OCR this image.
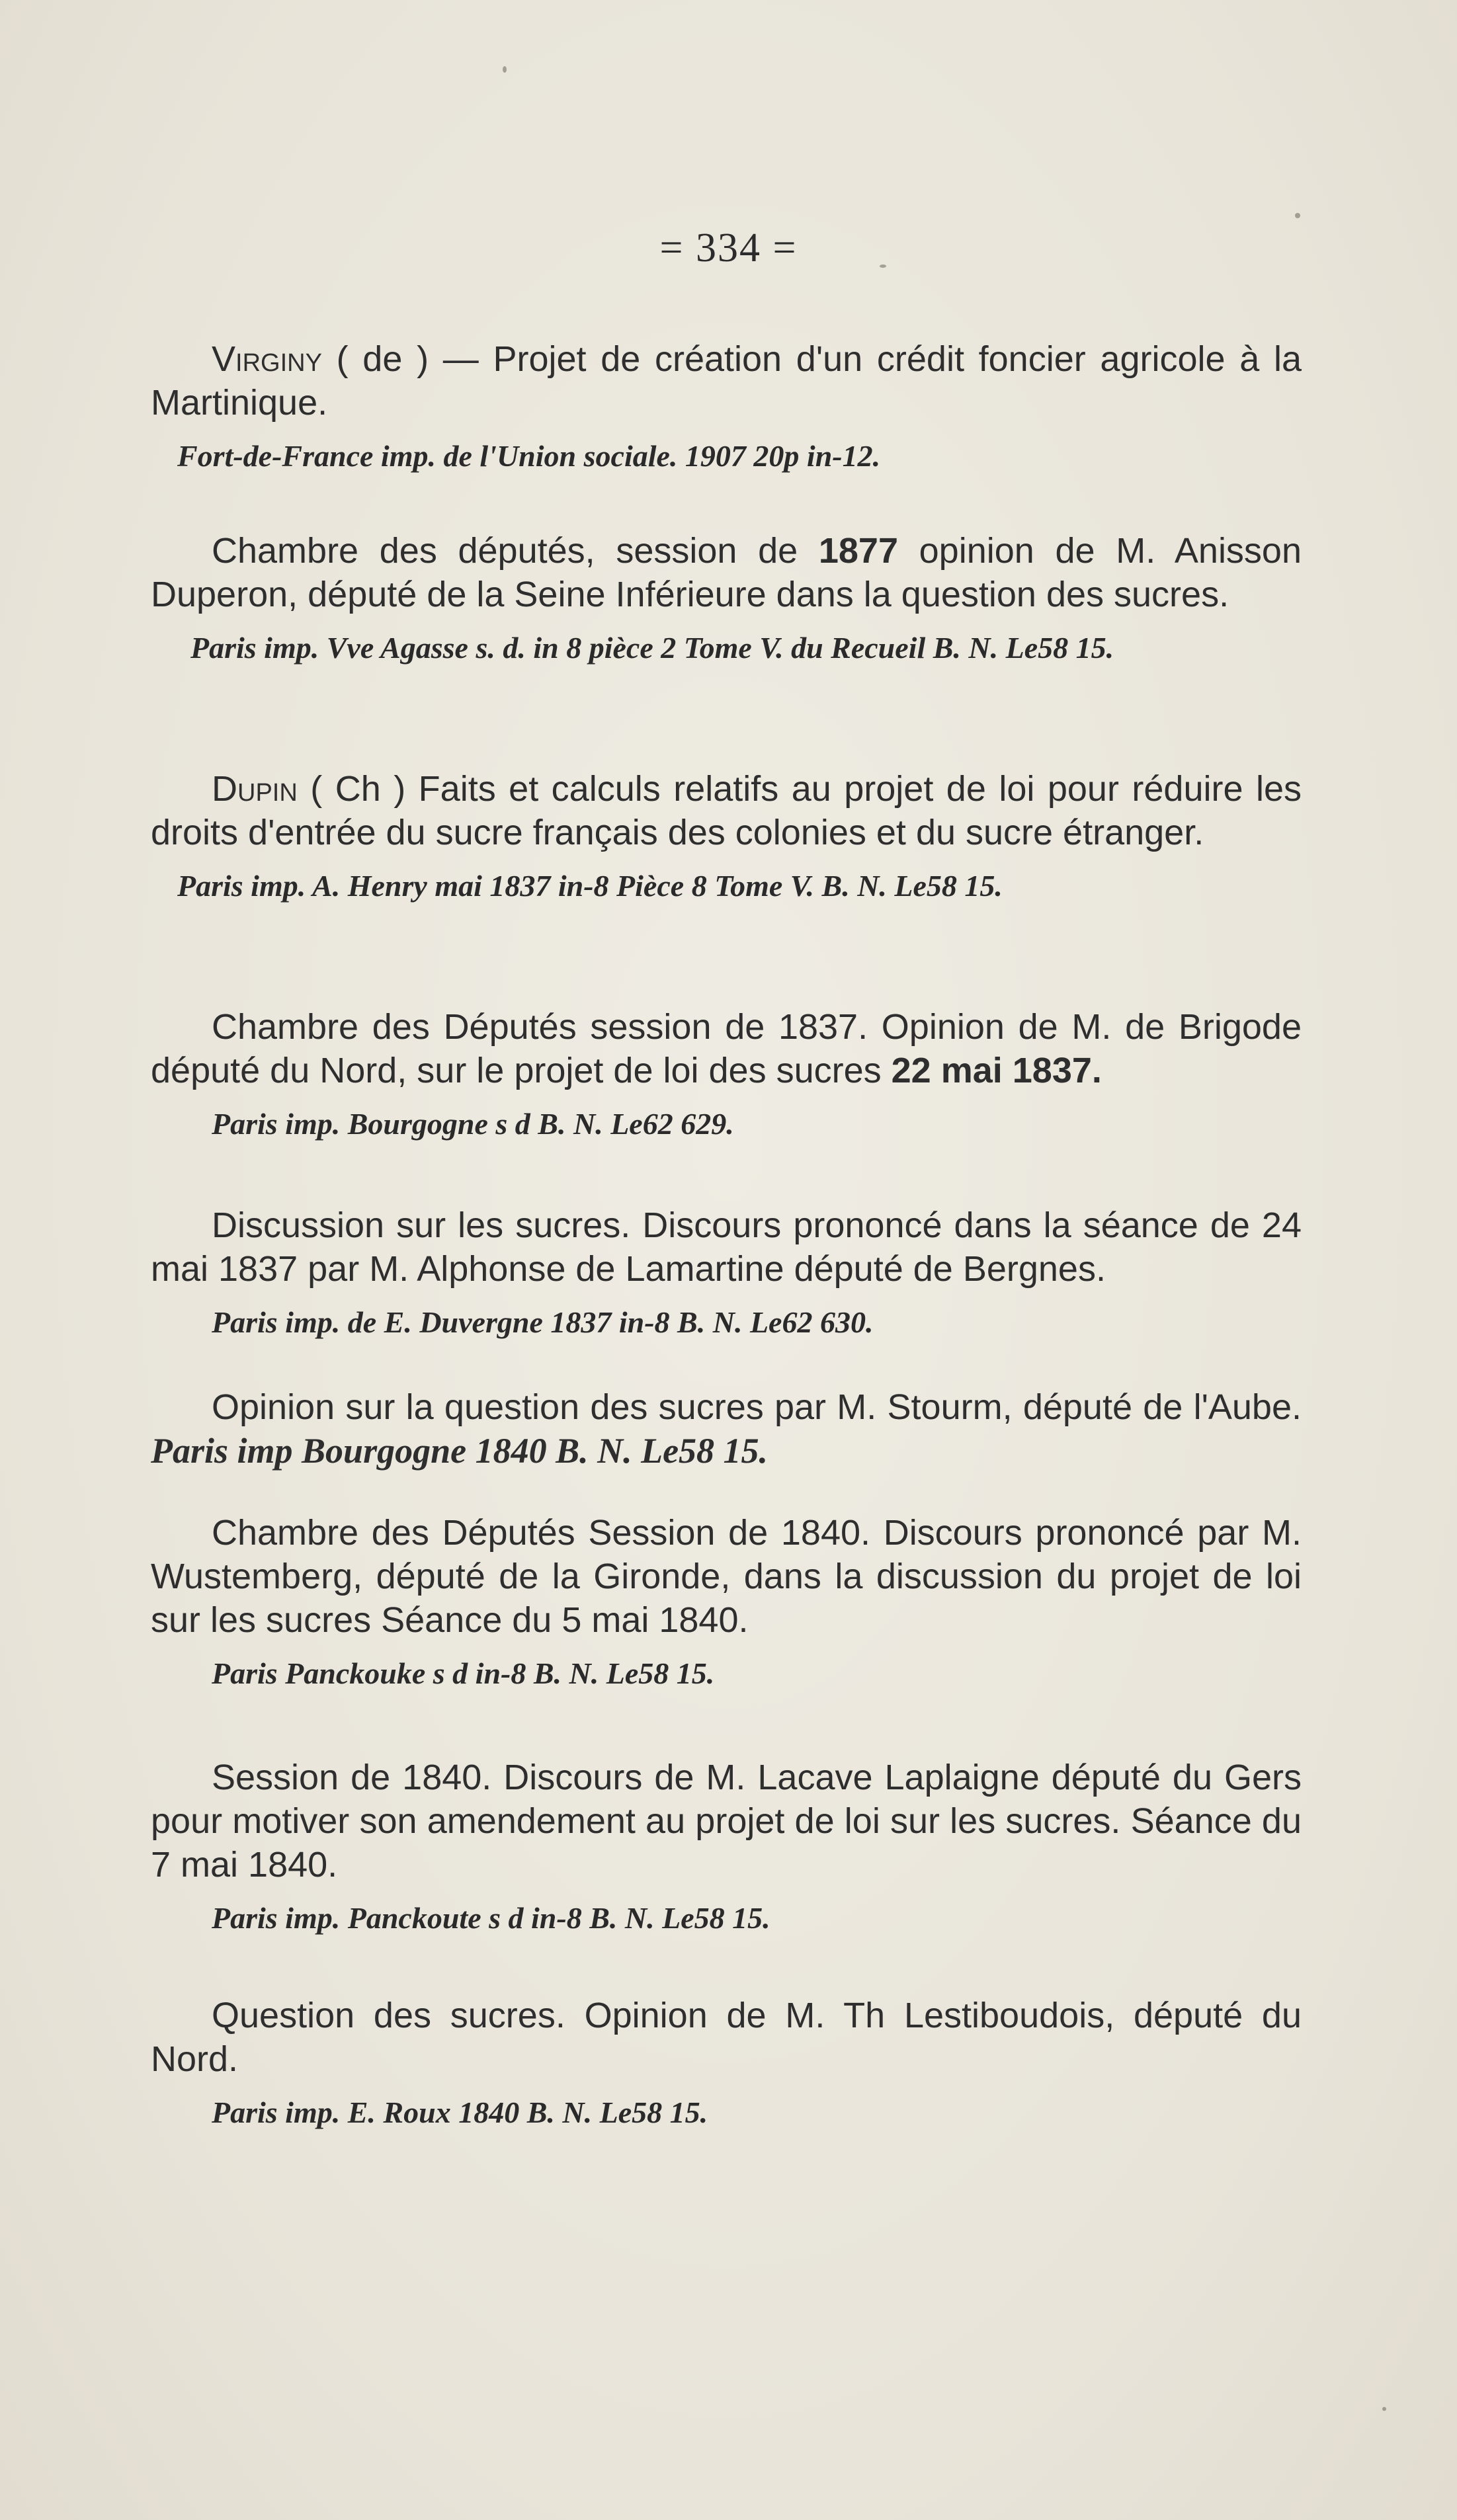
= 334 =

Virginy ( de ) — Projet de création d'un crédit foncier agricole à la Martinique.

Fort-de-France imp. de l'Union sociale. 1907 20p in-12.

Chambre des députés, session de 1877 opinion de M. Anisson Duperon, député de la Seine Inférieure dans la question des sucres.

Paris imp. Vve Agasse s. d. in 8 pièce 2 Tome V. du Recueil B. N. Le58 15.

Dupin ( Ch ) Faits et calculs relatifs au projet de loi pour réduire les droits d'entrée du sucre français des colonies et du sucre étranger.

Paris imp. A. Henry mai 1837 in-8 Pièce 8 Tome V. B. N. Le58 15.

Chambre des Députés session de 1837. Opinion de M. de Brigode député du Nord, sur le projet de loi des sucres 22 mai 1837.

Paris imp. Bourgogne s d B. N. Le62 629.

Discussion sur les sucres. Discours prononcé dans la séance de 24 mai 1837 par M. Alphonse de Lamartine député de Bergnes.

Paris imp. de E. Duvergne 1837 in-8 B. N. Le62 630.

Opinion sur la question des sucres par M. Stourm, député de l'Aube. Paris imp Bourgogne 1840 B. N. Le58 15.

Chambre des Députés Session de 1840. Discours prononcé par M. Wustemberg, député de la Gironde, dans la discussion du projet de loi sur les sucres Séance du 5 mai 1840.

Paris Panckouke s d in-8 B. N. Le58 15.

Session de 1840. Discours de M. Lacave Laplaigne député du Gers pour motiver son amendement au projet de loi sur les sucres. Séance du 7 mai 1840.

Paris imp. Panckoute s d in-8 B. N. Le58 15.

Question des sucres. Opinion de M. Th Lestiboudois, député du Nord.

Paris imp. E. Roux 1840 B. N. Le58 15.
